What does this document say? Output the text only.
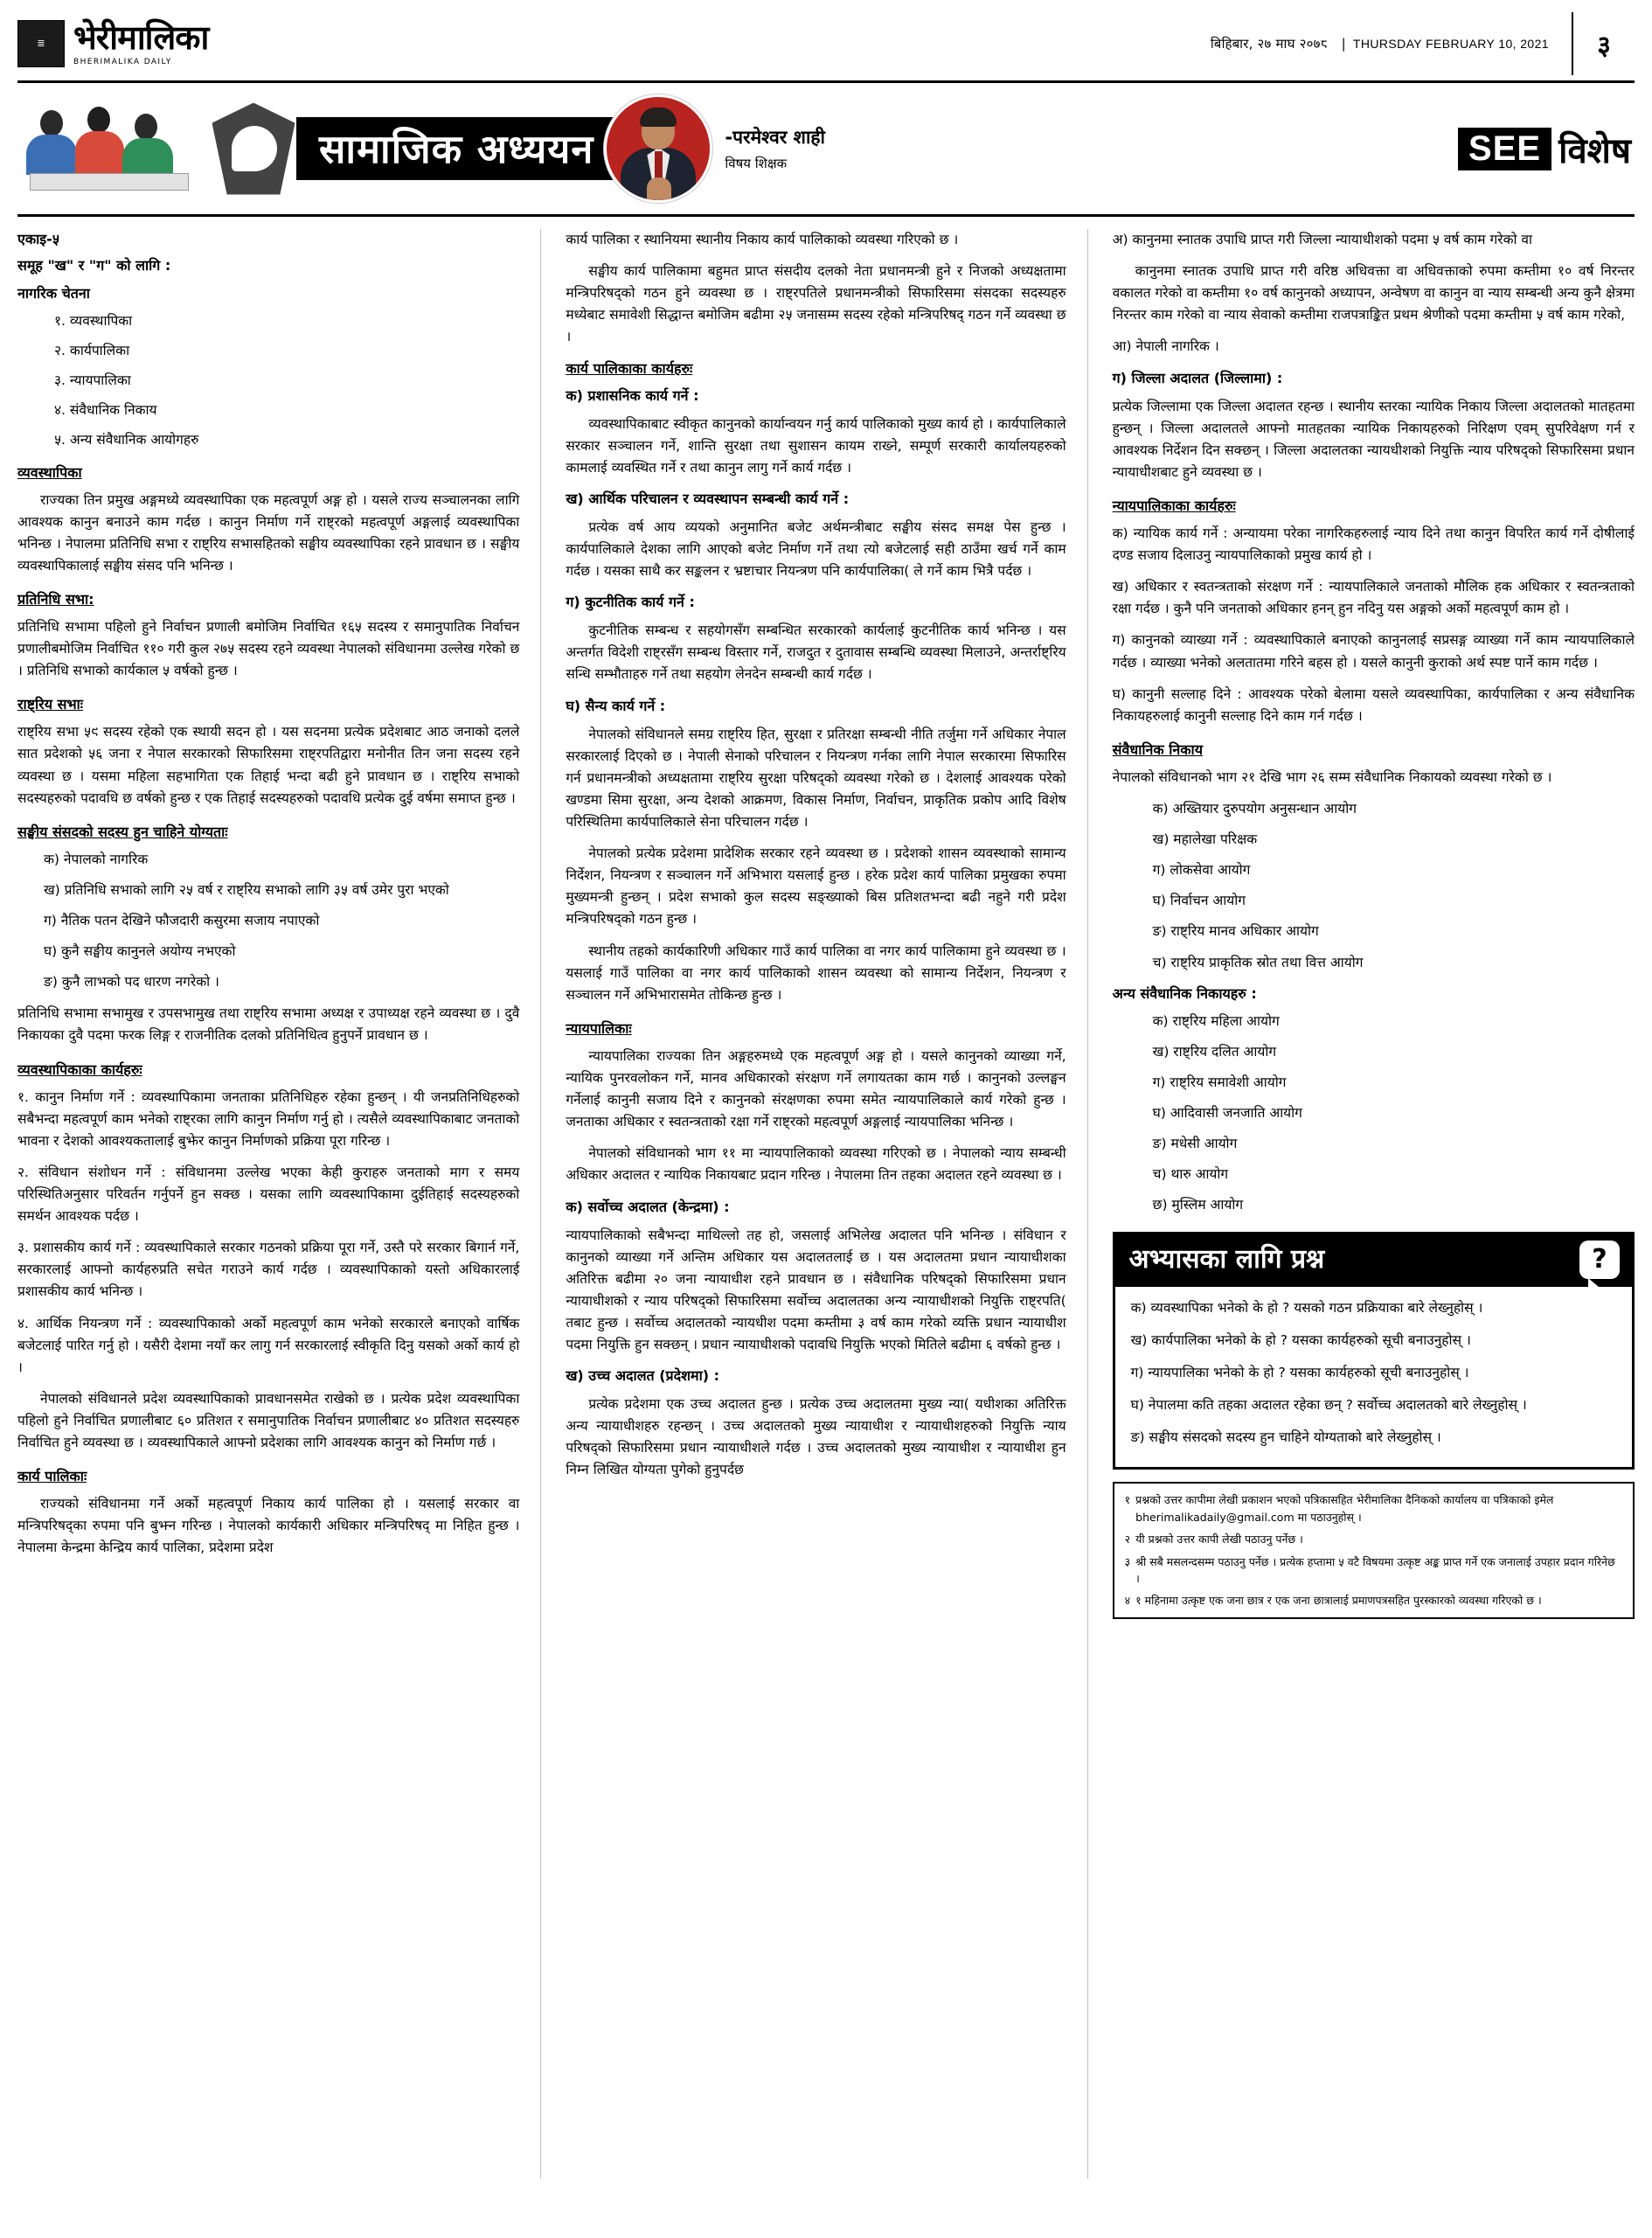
≣ भेरीमालिका
BHERIMALIKA DAILY
बिहिबार, २७ माघ २०७८ | THURSDAY FEBRUARY 10, 2021	३
सामाजिक अध्ययन	-परमेश्वर शाही
विषय शिक्षक	SEE विशेष
एकाइ-५
समूह "ख" र "ग" को लागि :
नागरिक चेतना
१. व्यवस्थापिका
२. कार्यपालिका
३. न्यायपालिका
४. संवैधानिक निकाय
५. अन्य संवैधानिक आयोगहरु
व्यवस्थापिका

राज्यका तिन प्रमुख अङ्गमध्ये व्यवस्थापिका एक महत्वपूर्ण अङ्ग हो । यसले राज्य सञ्चालनका लागि आवश्यक कानुन बनाउने काम गर्दछ । कानुन निर्माण गर्ने राष्ट्रको महत्वपूर्ण अङ्गलाई व्यवस्थापिका भनिन्छ । नेपालमा प्रतिनिधि सभा र राष्ट्रिय सभासहितको सङ्घीय व्यवस्थापिका रहने प्रावधान छ । सङ्घीय व्यवस्थापिकालाई सङ्घीय संसद पनि भनिन्छ ।

प्रतिनिधि सभा:

प्रतिनिधि सभामा पहिलो हुने निर्वाचन प्रणाली बमोजिम निर्वाचित १६५ सदस्य र समानुपातिक निर्वाचन प्रणालीबमोजिम निर्वाचित ११० गरी कुल २७५ सदस्य रहने व्यवस्था नेपालको संविधानमा उल्लेख गरेको छ । प्रतिनिधि सभाको कार्यकाल ५ वर्षको हुन्छ ।

राष्ट्रिय सभाः

राष्ट्रिय सभा ५९ सदस्य रहेको एक स्थायी सदन हो । यस सदनमा प्रत्येक प्रदेशबाट आठ जनाको दलले सात प्रदेशको ५६ जना र नेपाल सरकारको सिफारिसमा राष्ट्रपतिद्वारा मनोनीत तिन जना सदस्य रहने व्यवस्था छ । यसमा महिला सहभागिता एक तिहाई भन्दा बढी हुने प्रावधान छ । राष्ट्रिय सभाको सदस्यहरुको पदावधि छ वर्षको हुन्छ र एक तिहाई सदस्यहरुको पदावधि प्रत्येक दुई वर्षमा समाप्त हुन्छ ।

सङ्घीय संसदको सदस्य हुन चाहिने योग्यताः
क) नेपालको नागरिक
ख) प्रतिनिधि सभाको लागि २५ वर्ष र राष्ट्रिय सभाको लागि ३५ वर्ष उमेर पुरा भएको
ग) नैतिक पतन देखिने फौजदारी कसुरमा सजाय नपाएको
घ) कुनै सङ्घीय कानुनले अयोग्य नभएको
ङ) कुनै लाभको पद धारण नगरेको ।

प्रतिनिधि सभामा सभामुख र उपसभामुख तथा राष्ट्रिय सभामा अध्यक्ष र उपाध्यक्ष रहने व्यवस्था छ । दुवै निकायका दुवै पदमा फरक लिङ्ग र राजनीतिक दलको प्रतिनिधित्व हुनुपर्ने प्रावधान छ ।

व्यवस्थापिकाका कार्यहरुः

१. कानुन निर्माण गर्ने : व्यवस्थापिकामा जनताका प्रतिनिधिहरु रहेका हुन्छन् । यी जनप्रतिनिधिहरुको सबैभन्दा महत्वपूर्ण काम भनेको राष्ट्रका लागि कानुन निर्माण गर्नु हो । त्यसैले व्यवस्थापिकाबाट जनताको भावना र देशको आवश्यकतालाई बुझेर कानुन निर्माणको प्रक्रिया पूरा गरिन्छ ।

२. संविधान संशोधन गर्ने : संविधानमा उल्लेख भएका केही कुराहरु जनताको माग र समय परिस्थितिअनुसार परिवर्तन गर्नुपर्ने हुन सक्छ । यसका लागि व्यवस्थापिकामा दुईतिहाई सदस्यहरुको समर्थन आवश्यक पर्दछ ।

३. प्रशासकीय कार्य गर्ने : व्यवस्थापिकाले सरकार गठनको प्रक्रिया पूरा गर्ने, उस्तै परे सरकार बिगार्न गर्ने, सरकारलाई आफ्नो कार्यहरुप्रति सचेत गराउने कार्य गर्दछ । व्यवस्थापिकाको यस्तो अधिकारलाई प्रशासकीय कार्य भनिन्छ ।

४. आर्थिक नियन्त्रण गर्ने : व्यवस्थापिकाको अर्को महत्वपूर्ण काम भनेको सरकारले बनाएको वार्षिक बजेटलाई पारित गर्नु हो । यसैरी देशमा नयाँ कर लागु गर्न सरकारलाई स्वीकृति दिनु यसको अर्को कार्य हो ।

नेपालको संविधानले प्रदेश व्यवस्थापिकाको प्रावधानसमेत राखेको छ । प्रत्येक प्रदेश व्यवस्थापिका पहिलो हुने निर्वाचित प्रणालीबाट ६० प्रतिशत र समानुपातिक निर्वाचन प्रणालीबाट ४० प्रतिशत सदस्यहरु निर्वाचित हुने व्यवस्था छ । व्यवस्थापिकाले आफ्नो प्रदेशका लागि आवश्यक कानुन को निर्माण गर्छ ।

कार्य पालिकाः

राज्यको संविधानमा गर्ने अर्को महत्वपूर्ण निकाय कार्य पालिका हो । यसलाई सरकार वा मन्त्रिपरिषद्का रुपमा पनि बुझ्न गरिन्छ । नेपालको कार्यकारी अधिकार मन्त्रिपरिषद् मा निहित हुन्छ । नेपालमा केन्द्रमा केन्द्रिय कार्य पालिका, प्रदेशमा प्रदेश

कार्य पालिका र स्थानियमा स्थानीय निकाय कार्य पालिकाको व्यवस्था गरिएको छ ।

सङ्घीय कार्य पालिकामा बहुमत प्राप्त संसदीय दलको नेता प्रधानमन्त्री हुने र निजको अध्यक्षतामा मन्त्रिपरिषद्को गठन हुने व्यवस्था छ । राष्ट्रपतिले प्रधानमन्त्रीको सिफारिसमा संसदका सदस्यहरु मध्येबाट समावेशी सिद्धान्त बमोजिम बढीमा २५ जनासम्म सदस्य रहेको मन्त्रिपरिषद् गठन गर्ने व्यवस्था छ ।

कार्य पालिकाका कार्यहरुः
क) प्रशासनिक कार्य गर्ने :

व्यवस्थापिकाबाट स्वीकृत कानुनको कार्यान्वयन गर्नु कार्य पालिकाको मुख्य कार्य हो । कार्यपालिकाले सरकार सञ्चालन गर्ने, शान्ति सुरक्षा तथा सुशासन कायम राख्ने, सम्पूर्ण सरकारी कार्यालयहरुको कामलाई व्यवस्थित गर्ने र तथा कानुन लागु गर्ने कार्य गर्दछ ।

ख) आर्थिक परिचालन र व्यवस्थापन सम्बन्धी कार्य गर्ने :

प्रत्येक वर्ष आय व्ययको अनुमानित बजेट अर्थमन्त्रीबाट सङ्घीय संसद समक्ष पेस हुन्छ । कार्यपालिकाले देशका लागि आएको बजेट निर्माण गर्ने तथा त्यो बजेटलाई सही ठाउँमा खर्च गर्ने काम गर्दछ । यसका साथै कर सङ्कलन र भ्रष्टाचार नियन्त्रण पनि कार्यपालिका( ले गर्ने काम भित्रै पर्दछ ।

ग) कुटनीतिक कार्य गर्ने :

कुटनीतिक सम्बन्ध र सहयोगसँग सम्बन्धित सरकारको कार्यलाई कुटनीतिक कार्य भनिन्छ । यस अन्तर्गत विदेशी राष्ट्रसँग सम्बन्ध विस्तार गर्ने, राजदुत र दुतावास सम्बन्धि व्यवस्था मिलाउने, अन्तर्राष्ट्रिय सन्धि सम्भौताहरु गर्ने तथा सहयोग लेनदेन सम्बन्धी कार्य गर्दछ ।

घ) सैन्य कार्य गर्ने :

नेपालको संविधानले समग्र राष्ट्रिय हित, सुरक्षा र प्रतिरक्षा सम्बन्धी नीति तर्जुमा गर्ने अधिकार नेपाल सरकारलाई दिएको छ । नेपाली सेनाको परिचालन र नियन्त्रण गर्नका लागि नेपाल सरकारमा सिफारिस गर्न प्रधानमन्त्रीको अध्यक्षतामा राष्ट्रिय सुरक्षा परिषद्को व्यवस्था गरेको छ । देशलाई आवश्यक परेको खण्डमा सिमा सुरक्षा, अन्य देशको आक्रमण, विकास निर्माण, निर्वाचन, प्राकृतिक प्रकोप आदि विशेष परिस्थितिमा कार्यपालिकाले सेना परिचालन गर्दछ ।

नेपालको प्रत्येक प्रदेशमा प्रादेशिक सरकार रहने व्यवस्था छ । प्रदेशको शासन व्यवस्थाको सामान्य निर्देशन, नियन्त्रण र सञ्चालन गर्ने अभिभारा यसलाई हुन्छ । हरेक प्रदेश कार्य पालिका प्रमुखका रुपमा मुख्यमन्त्री हुन्छन् । प्रदेश सभाको कुल सदस्य सङ्ख्याको बिस प्रतिशतभन्दा बढी नहुने गरी प्रदेश मन्त्रिपरिषद्को गठन हुन्छ ।

स्थानीय तहको कार्यकारिणी अधिकार गाउँ कार्य पालिका वा नगर कार्य पालिकामा हुने व्यवस्था छ । यसलाई गाउँ पालिका वा नगर कार्य पालिकाको शासन व्यवस्था को सामान्य निर्देशन, नियन्त्रण र सञ्चालन गर्ने अभिभारासमेत तोकिन्छ हुन्छ ।

न्यायपालिकाः

न्यायपालिका राज्यका तिन अङ्गहरुमध्ये एक महत्वपूर्ण अङ्ग हो । यसले कानुनको व्याख्या गर्ने, न्यायिक पुनरवलोकन गर्ने, मानव अधिकारको संरक्षण गर्ने लगायतका काम गर्छ । कानुनको उल्लङ्घन गर्नेलाई कानुनी सजाय दिने र कानुनको संरक्षणका रुपमा समेत न्यायपालिकाले कार्य गरेको हुन्छ । जनताका अधिकार र स्वतन्त्रताको रक्षा गर्ने राष्ट्रको महत्वपूर्ण अङ्गलाई न्यायपालिका भनिन्छ ।

नेपालको संविधानको भाग ११ मा न्यायपालिकाको व्यवस्था गरिएको छ । नेपालको न्याय सम्बन्धी अधिकार अदालत र न्यायिक निकायबाट प्रदान गरिन्छ । नेपालमा तिन तहका अदालत रहने व्यवस्था छ ।

क) सर्वोच्च अदालत (केन्द्रमा) :

न्यायपालिकाको सबैभन्दा माथिल्लो तह हो, जसलाई अभिलेख अदालत पनि भनिन्छ । संविधान र कानुनको व्याख्या गर्ने अन्तिम अधिकार यस अदालतलाई छ । यस अदालतमा प्रधान न्यायाधीशका अतिरिक्त बढीमा २० जना न्यायाधीश रहने प्रावधान छ । संवैधानिक परिषद्को सिफारिसमा प्रधान न्यायाधीशको र न्याय परिषद्को सिफारिसमा सर्वोच्च अदालतका अन्य न्यायाधीशको नियुक्ति राष्ट्रपति( तबाट हुन्छ । सर्वोच्च अदालतको न्यायधीश पदमा कम्तीमा ३ वर्ष काम गरेको व्यक्ति प्रधान न्यायाधीश पदमा नियुक्ति हुन सक्छन् । प्रधान न्यायाधीशको पदावधि नियुक्ति भएको मितिले बढीमा ६ वर्षको हुन्छ ।

ख) उच्च अदालत (प्रदेशमा) :

प्रत्येक प्रदेशमा एक उच्च अदालत हुन्छ । प्रत्येक उच्च अदालतमा मुख्य न्या( यधीशका अतिरिक्त अन्य न्यायाधीशहरु रहन्छन् । उच्च अदालतको मुख्य न्यायाधीश र न्यायाधीशहरुको नियुक्ति न्याय परिषद्को सिफारिसमा प्रधान न्यायाधीशले गर्दछ । उच्च अदालतको मुख्य न्यायाधीश र न्यायाधीश हुन निम्न लिखित योग्यता पुगेको हुनुपर्दछ

अ) कानुनमा स्नातक उपाधि प्राप्त गरी जिल्ला न्यायाधीशको पदमा ५ वर्ष काम गरेको वा

कानुनमा स्नातक उपाधि प्राप्त गरी वरिष्ठ अधिवक्ता वा अधिवक्ताको रुपमा कम्तीमा १० वर्ष निरन्तर वकालत गरेको वा कम्तीमा १० वर्ष कानुनको अध्यापन, अन्वेषण वा कानुन वा न्याय सम्बन्धी अन्य कुनै क्षेत्रमा निरन्तर काम गरेको वा न्याय सेवाको कम्तीमा राजपत्राङ्कित प्रथम श्रेणीको पदमा कम्तीमा ५ वर्ष काम गरेको,

आ) नेपाली नागरिक ।

ग) जिल्ला अदालत (जिल्लामा) :

प्रत्येक जिल्लामा एक जिल्ला अदालत रहन्छ । स्थानीय स्तरका न्यायिक निकाय जिल्ला अदालतको मातहतमा हुन्छन् । जिल्ला अदालतले आफ्नो मातहतका न्यायिक निकायहरुको निरिक्षण एवम् सुपरिवेक्षण गर्न र आवश्यक निर्देशन दिन सक्छन् । जिल्ला अदालतका न्यायधीशको नियुक्ति न्याय परिषद्को सिफारिसमा प्रधान न्यायाधीशबाट हुने व्यवस्था छ ।

न्यायपालिकाका कार्यहरुः

क) न्यायिक कार्य गर्ने : अन्यायमा परेका नागरिकहरुलाई न्याय दिने तथा कानुन विपरित कार्य गर्ने दोषीलाई दण्ड सजाय दिलाउनु न्यायपालिकाको प्रमुख कार्य हो ।

ख) अधिकार र स्वतन्त्रताको संरक्षण गर्ने : न्यायपालिकाले जनताको मौलिक हक अधिकार र स्वतन्त्रताको रक्षा गर्दछ । कुनै पनि जनताको अधिकार हनन् हुन नदिनु यस अङ्गको अर्को महत्वपूर्ण काम हो ।

ग) कानुनको व्याख्या गर्ने : व्यवस्थापिकाले बनाएको कानुनलाई सप्रसङ्ग व्याख्या गर्ने काम न्यायपालिकाले गर्दछ । व्याख्या भनेको अलतातमा गरिने बहस हो । यसले कानुनी कुराको अर्थ स्पष्ट पार्ने काम गर्दछ ।

घ) कानुनी सल्लाह दिने : आवश्यक परेको बेलामा यसले व्यवस्थापिका, कार्यपालिका र अन्य संवैधानिक निकायहरुलाई कानुनी सल्लाह दिने काम गर्न गर्दछ ।

संवैधानिक निकाय

नेपालको संविधानको भाग २१ देखि भाग २६ सम्म संवैधानिक निकायको व्यवस्था गरेको छ ।

क) अख्तियार दुरुपयोग अनुसन्धान आयोग
ख) महालेखा परिक्षक
ग) लोकसेवा आयोग
घ) निर्वाचन आयोग
ङ) राष्ट्रिय मानव अधिकार आयोग
च) राष्ट्रिय प्राकृतिक स्रोत तथा वित्त आयोग
अन्य संवैधानिक निकायहरु :
क) राष्ट्रिय महिला आयोग
ख) राष्ट्रिय दलित आयोग
ग) राष्ट्रिय समावेशी आयोग
घ) आदिवासी जनजाति आयोग
ङ) मधेसी आयोग
च) थारु आयोग
छ) मुस्लिम आयोग
अभ्यासका लागि प्रश्न	?
क) व्यवस्थापिका भनेको के हो ? यसको गठन प्रक्रियाका बारे लेख्नुहोस् ।
ख) कार्यपालिका भनेको के हो ? यसका कार्यहरुको सूची बनाउनुहोस् ।
ग) न्यायपालिका भनेको के हो ? यसका कार्यहरुको सूची बनाउनुहोस् ।
घ) नेपालमा कति तहका अदालत रहेका छन् ? सर्वोच्च अदालतको बारे लेख्नुहोस् ।
ङ) सङ्घीय संसदको सदस्य हुन चाहिने योग्यताको बारे लेख्नुहोस् ।
१ प्रश्नको उत्तर कापीमा लेखी प्रकाशन भएको पत्रिकासहित भेरीमालिका दैनिकको कार्यालय वा पत्रिकाको इमेल bherimalikadaily@gmail.com मा पठाउनुहोस् ।
२ यी प्रश्नको उत्तर कापी लेखी पठाउनु पर्नेछ ।
३ श्री सबै मसलन्दसम्म पठाउनु पर्नेछ । प्रत्येक हप्तामा ५ वटै विषयमा उत्कृष्ट अङ्क प्राप्त गर्ने एक जनालाई उपहार प्रदान गरिनेछ ।
४ १ महिनामा उत्कृष्ट एक जना छात्र र एक जना छात्रालाई प्रमाणपत्रसहित पुरस्कारको व्यवस्था गरिएको छ ।
